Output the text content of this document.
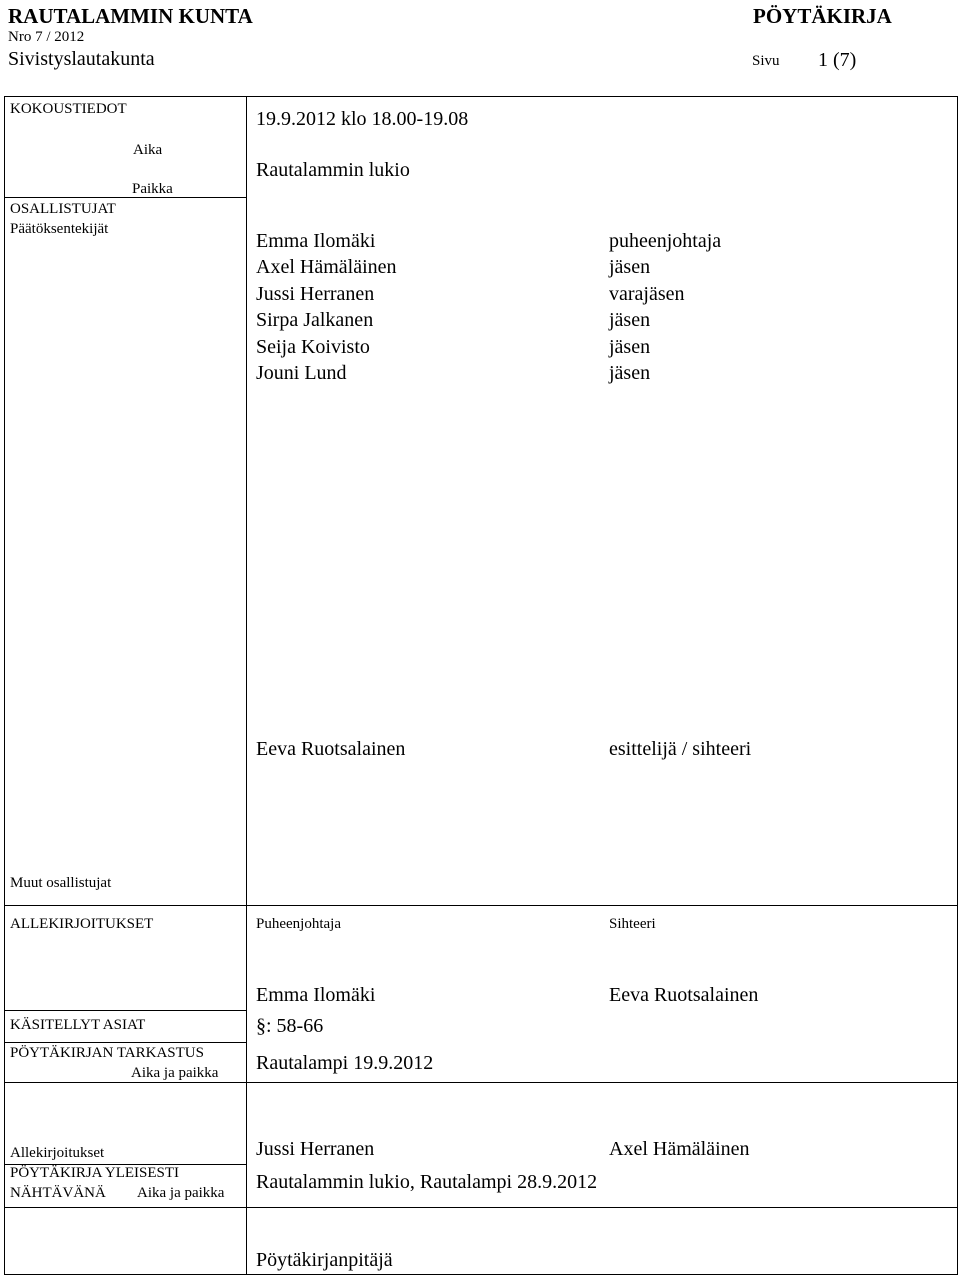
RAUTALAMMIN KUNTA	PÖYTÄKIRJA
Nro 7 / 2012
Sivistyslautakunta	Sivu 1 (7)
KOKOUSTIEDOT
Aika
19.9.2012 klo 18.00-19.08
Paikka
Rautalammin lukio
OSALLISTUJAT
Päätöksentekijät
Emma Ilomäki	puheenjohtaja
Axel Hämäläinen	jäsen
Jussi Herranen	varajäsen
Sirpa Jalkanen	jäsen
Seija Koivisto	jäsen
Jouni Lund	jäsen
Eeva Ruotsalainen	esittelijä / sihteeri
Muut osallistujat
ALLEKIRJOITUKSET	Puheenjohtaja	Sihteeri
Emma Ilomäki	Eeva Ruotsalainen
KÄSITELLYT ASIAT	§: 58-66
PÖYTÄKIRJAN TARKASTUS
Aika ja paikka Rautalampi 19.9.2012
Allekirjoitukset	Jussi Herranen	Axel Hämäläinen
PÖYTÄKIRJA YLEISESTI
NÄHTÄVÄNÄ Aika ja paikka Rautalammin lukio, Rautalampi 28.9.2012
Pöytäkirjanpitäjä
